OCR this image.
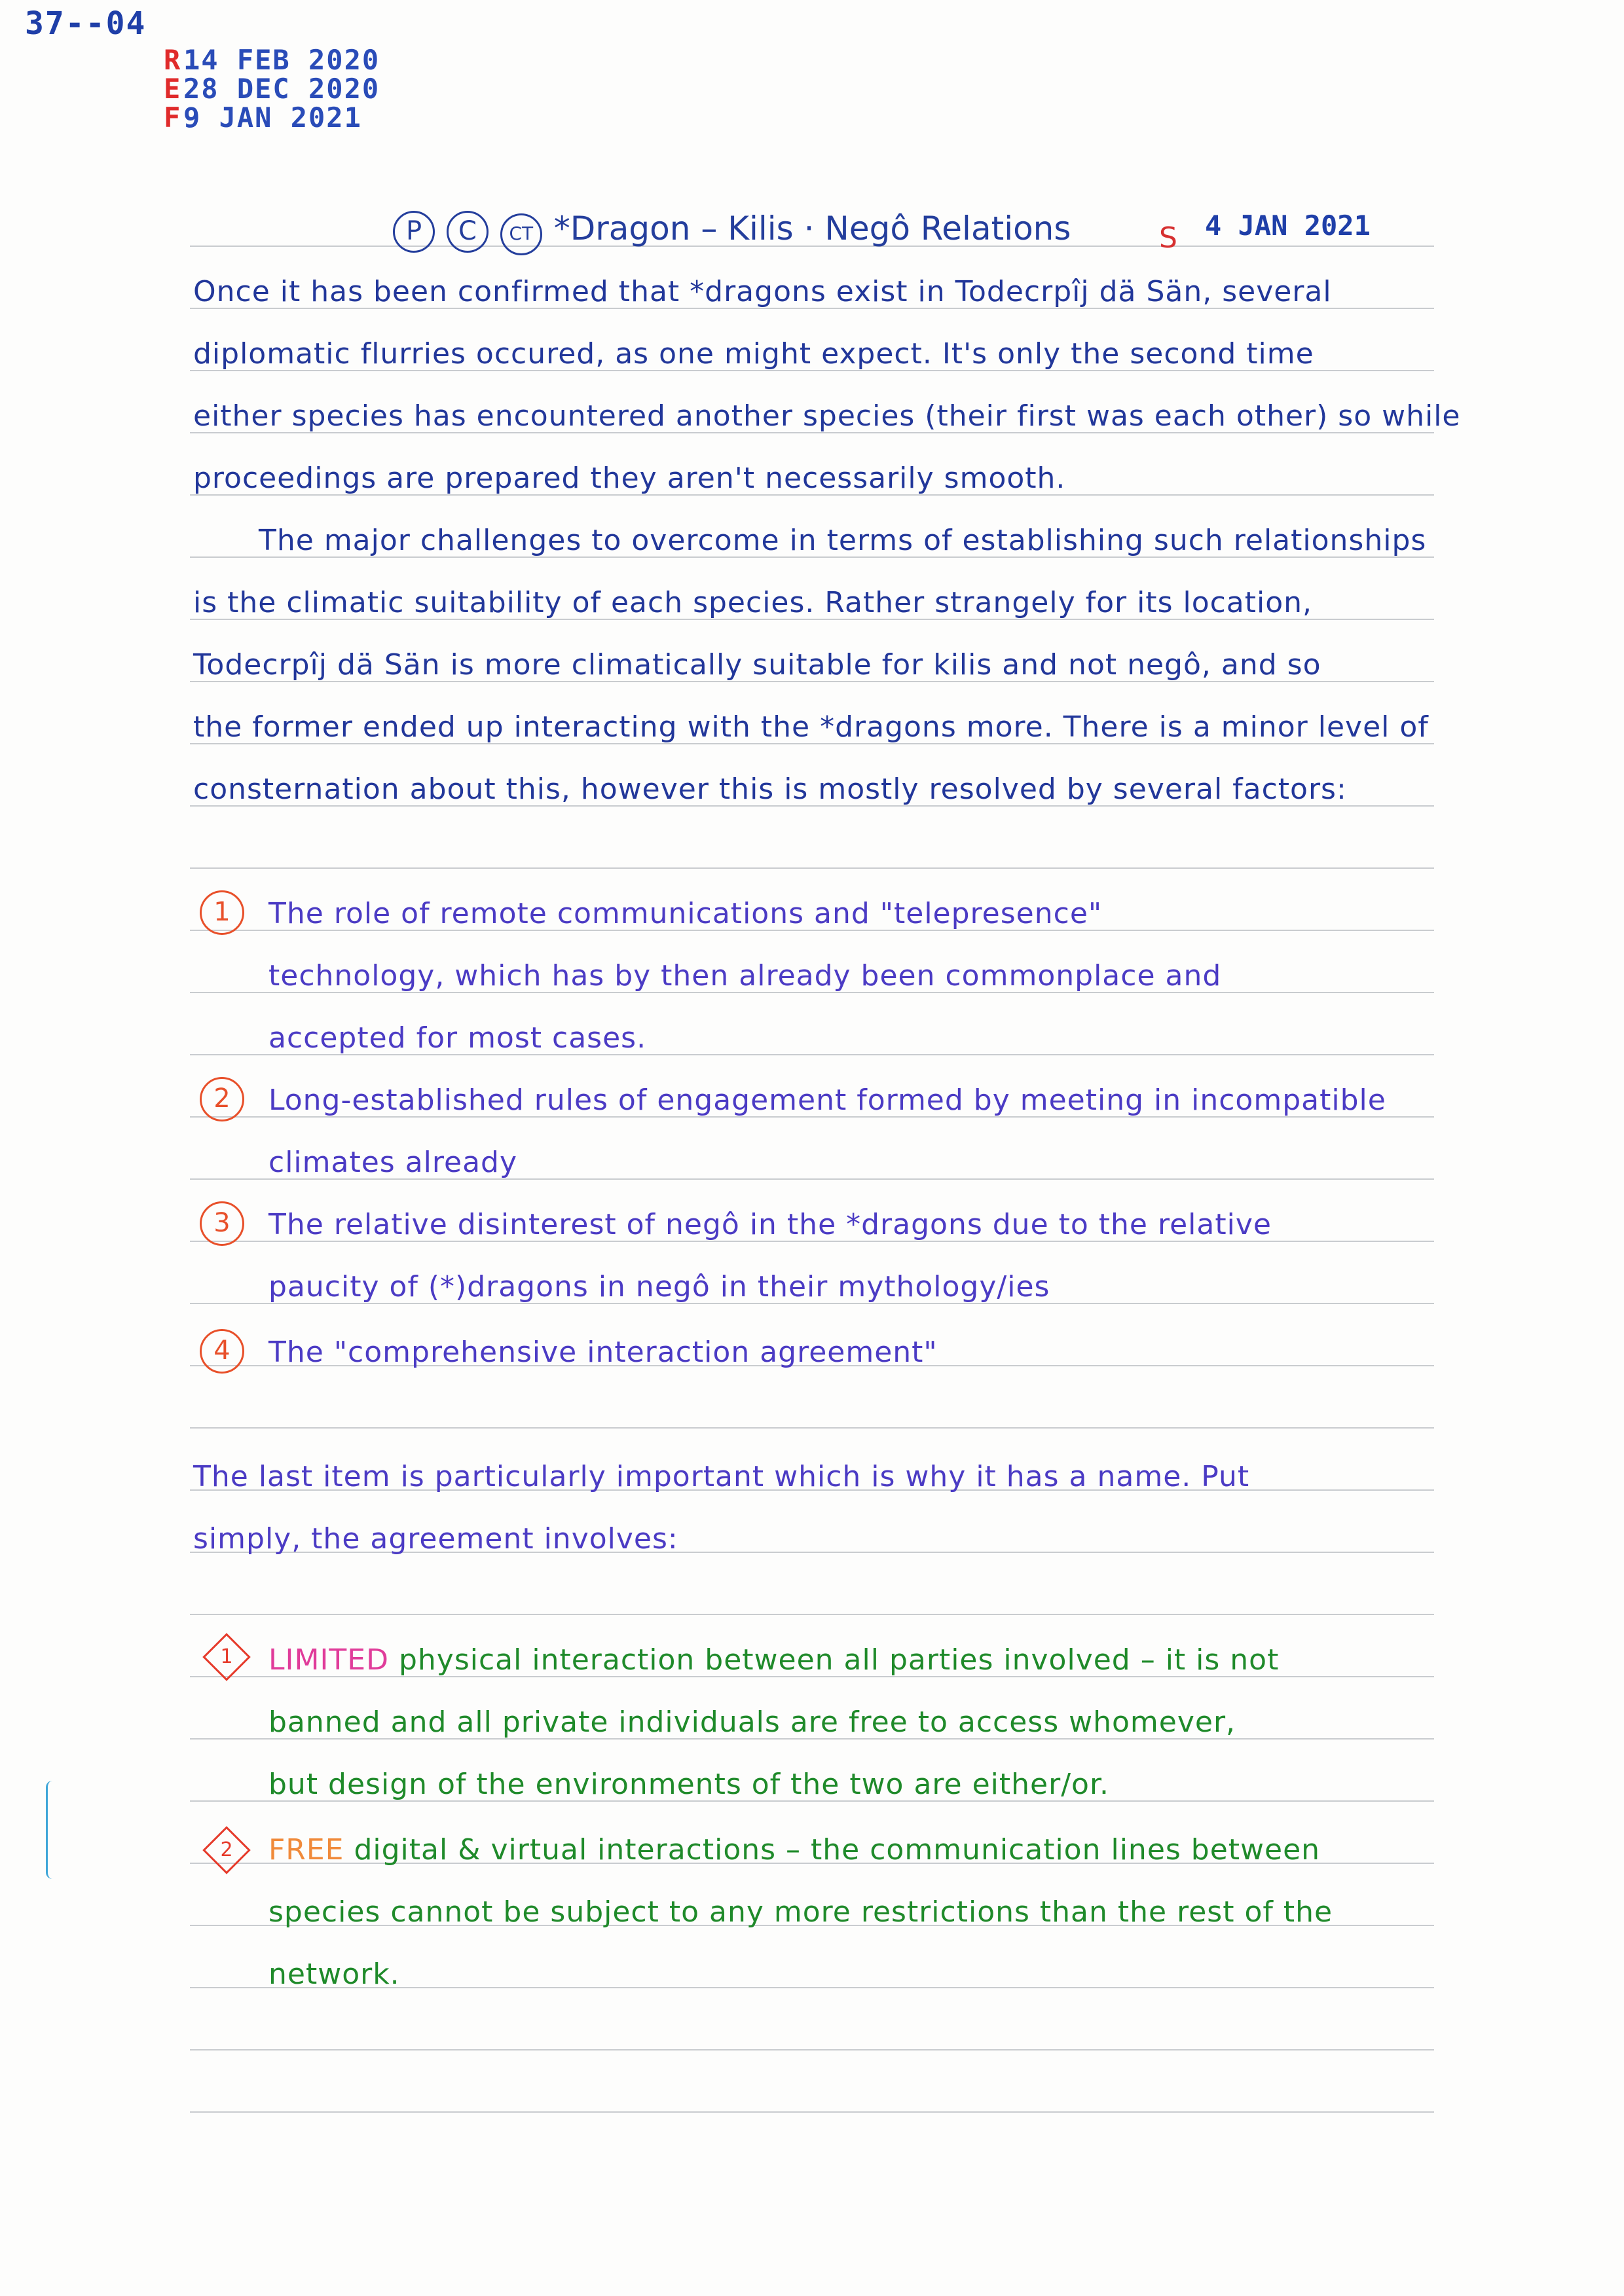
37--04
R14 FEB 2020
E28 DEC 2020
F9 JAN 2021
P C CT *Dragon – Kilis · Negô Relations	S 4 JAN 2021
Once it has been confirmed that *dragons exist in Todecrpîj dä Sän, several
diplomatic flurries occured, as one might expect. It's only the second time
either species has encountered another species (their first was each other) so while
proceedings are prepared they aren't necessarily smooth.
The major challenges to overcome in terms of establishing such relationships
is the climatic suitability of each species. Rather strangely for its location,
Todecrpîj dä Sän is more climatically suitable for kilis and not negô, and so
the former ended up interacting with the *dragons more. There is a minor level of
consternation about this, however this is mostly resolved by several factors:
1	The role of remote communications and "telepresence"
technology, which has by then already been commonplace and
accepted for most cases.
2	Long-established rules of engagement formed by meeting in incompatible
climates already
3	The relative disinterest of negô in the *dragons due to the relative
paucity of (*)dragons in negô in their mythology/ies
4	The "comprehensive interaction agreement"
The last item is particularly important which is why it has a name. Put
simply, the agreement involves:
1	LIMITED physical interaction between all parties involved – it is not
banned and all private individuals are free to access whomever,
but design of the environments of the two are either/or.
2	FREE digital & virtual interactions – the communication lines between
species cannot be subject to any more restrictions than the rest of the
network.
